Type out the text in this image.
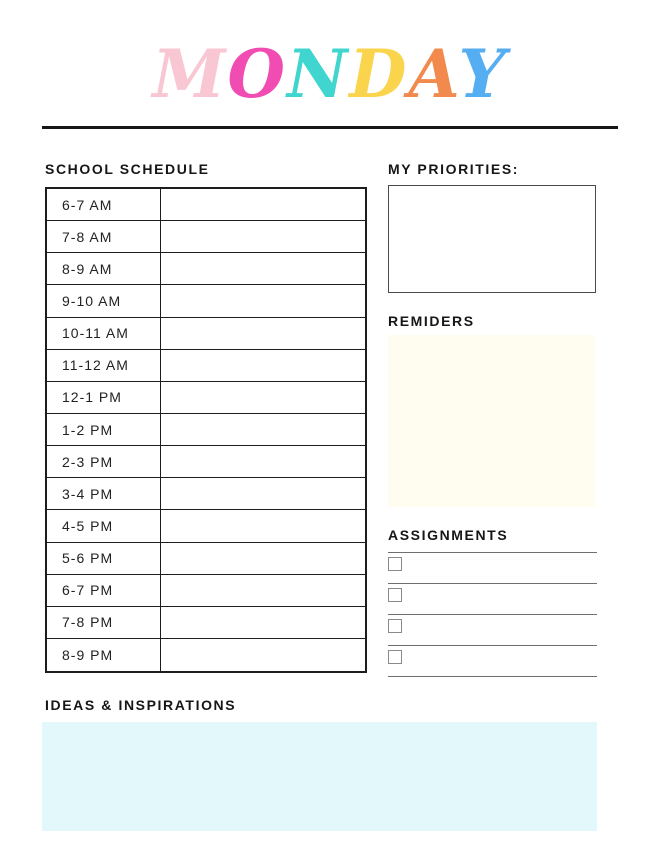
MONDAY
SCHOOL SCHEDULE
6-7 AM
7-8 AM
8-9 AM
9-10 AM
10-11 AM
11-12 AM
12-1 PM
1-2 PM
2-3 PM
3-4 PM
4-5 PM
5-6 PM
6-7 PM
7-8 PM
8-9 PM
MY PRIORITIES:
REMIDERS
ASSIGNMENTS
IDEAS & INSPIRATIONS
